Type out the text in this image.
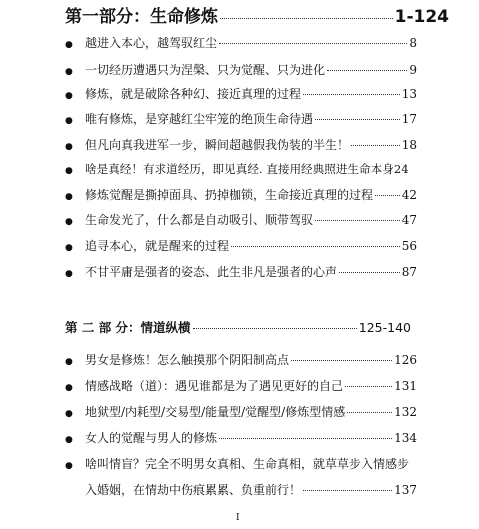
第一部分：生命修炼	1-124
●	越进入本心，越驾驭红尘	8
●	一切经历遭遇只为涅槃、只为觉醒、只为进化	9
●	修炼，就是破除各种幻、接近真理的过程	13
●	唯有修炼，是穿越红尘牢笼的绝顶生命待遇	17
●	但凡向真我进军一步，瞬间超越假我伪装的半生！	18
●	啥是真经！有求道经历，即见真经. 直接用经典照进生命本身 24
●	修炼觉醒是撕掉面具、扔掉枷锁，生命接近真理的过程 42
●	生命发光了，什么都是自动吸引、顺带驾驭	47
●	追寻本心，就是醒来的过程	56
●	不甘平庸是强者的姿态、此生非凡是强者的心声	87
第 二 部 分：情道纵横	125-140
●	男女是修炼！怎么触摸那个阴阳制高点	126
●	情感战略（道）：遇见谁都是为了遇见更好的自己	131
●	地狱型/内耗型/交易型/能量型/觉醒型/修炼型情感	132
●	女人的觉醒与男人的修炼	134
●	啥叫情盲？完全不明男女真相、生命真相，就草草步入情感步
入婚姻，在情劫中伤痕累累、负重前行！	137
I
